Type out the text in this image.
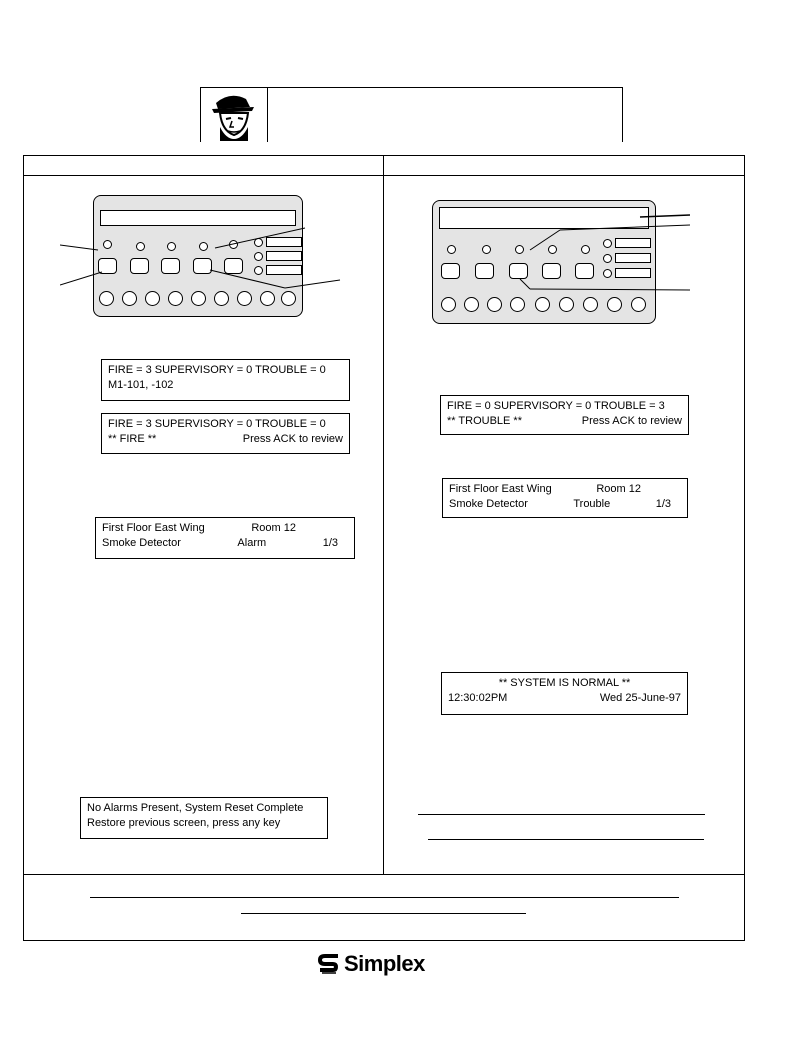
FIRE = 3 SUPERVISORY = 0 TROUBLE = 0
M1-101, -102
FIRE = 3 SUPERVISORY = 0 TROUBLE = 0
** FIRE **	Press ACK to review
First Floor East Wing	Room 12
Smoke Detector	Alarm	1/3
No Alarms Present, System Reset Complete
Restore previous screen, press any key
FIRE = 0 SUPERVISORY = 0 TROUBLE = 3
** TROUBLE **	Press ACK to review
First Floor East Wing	Room 12
Smoke Detector	Trouble	1/3
** SYSTEM IS NORMAL **
12:30:02PM	Wed 25-June-97
Simplex
